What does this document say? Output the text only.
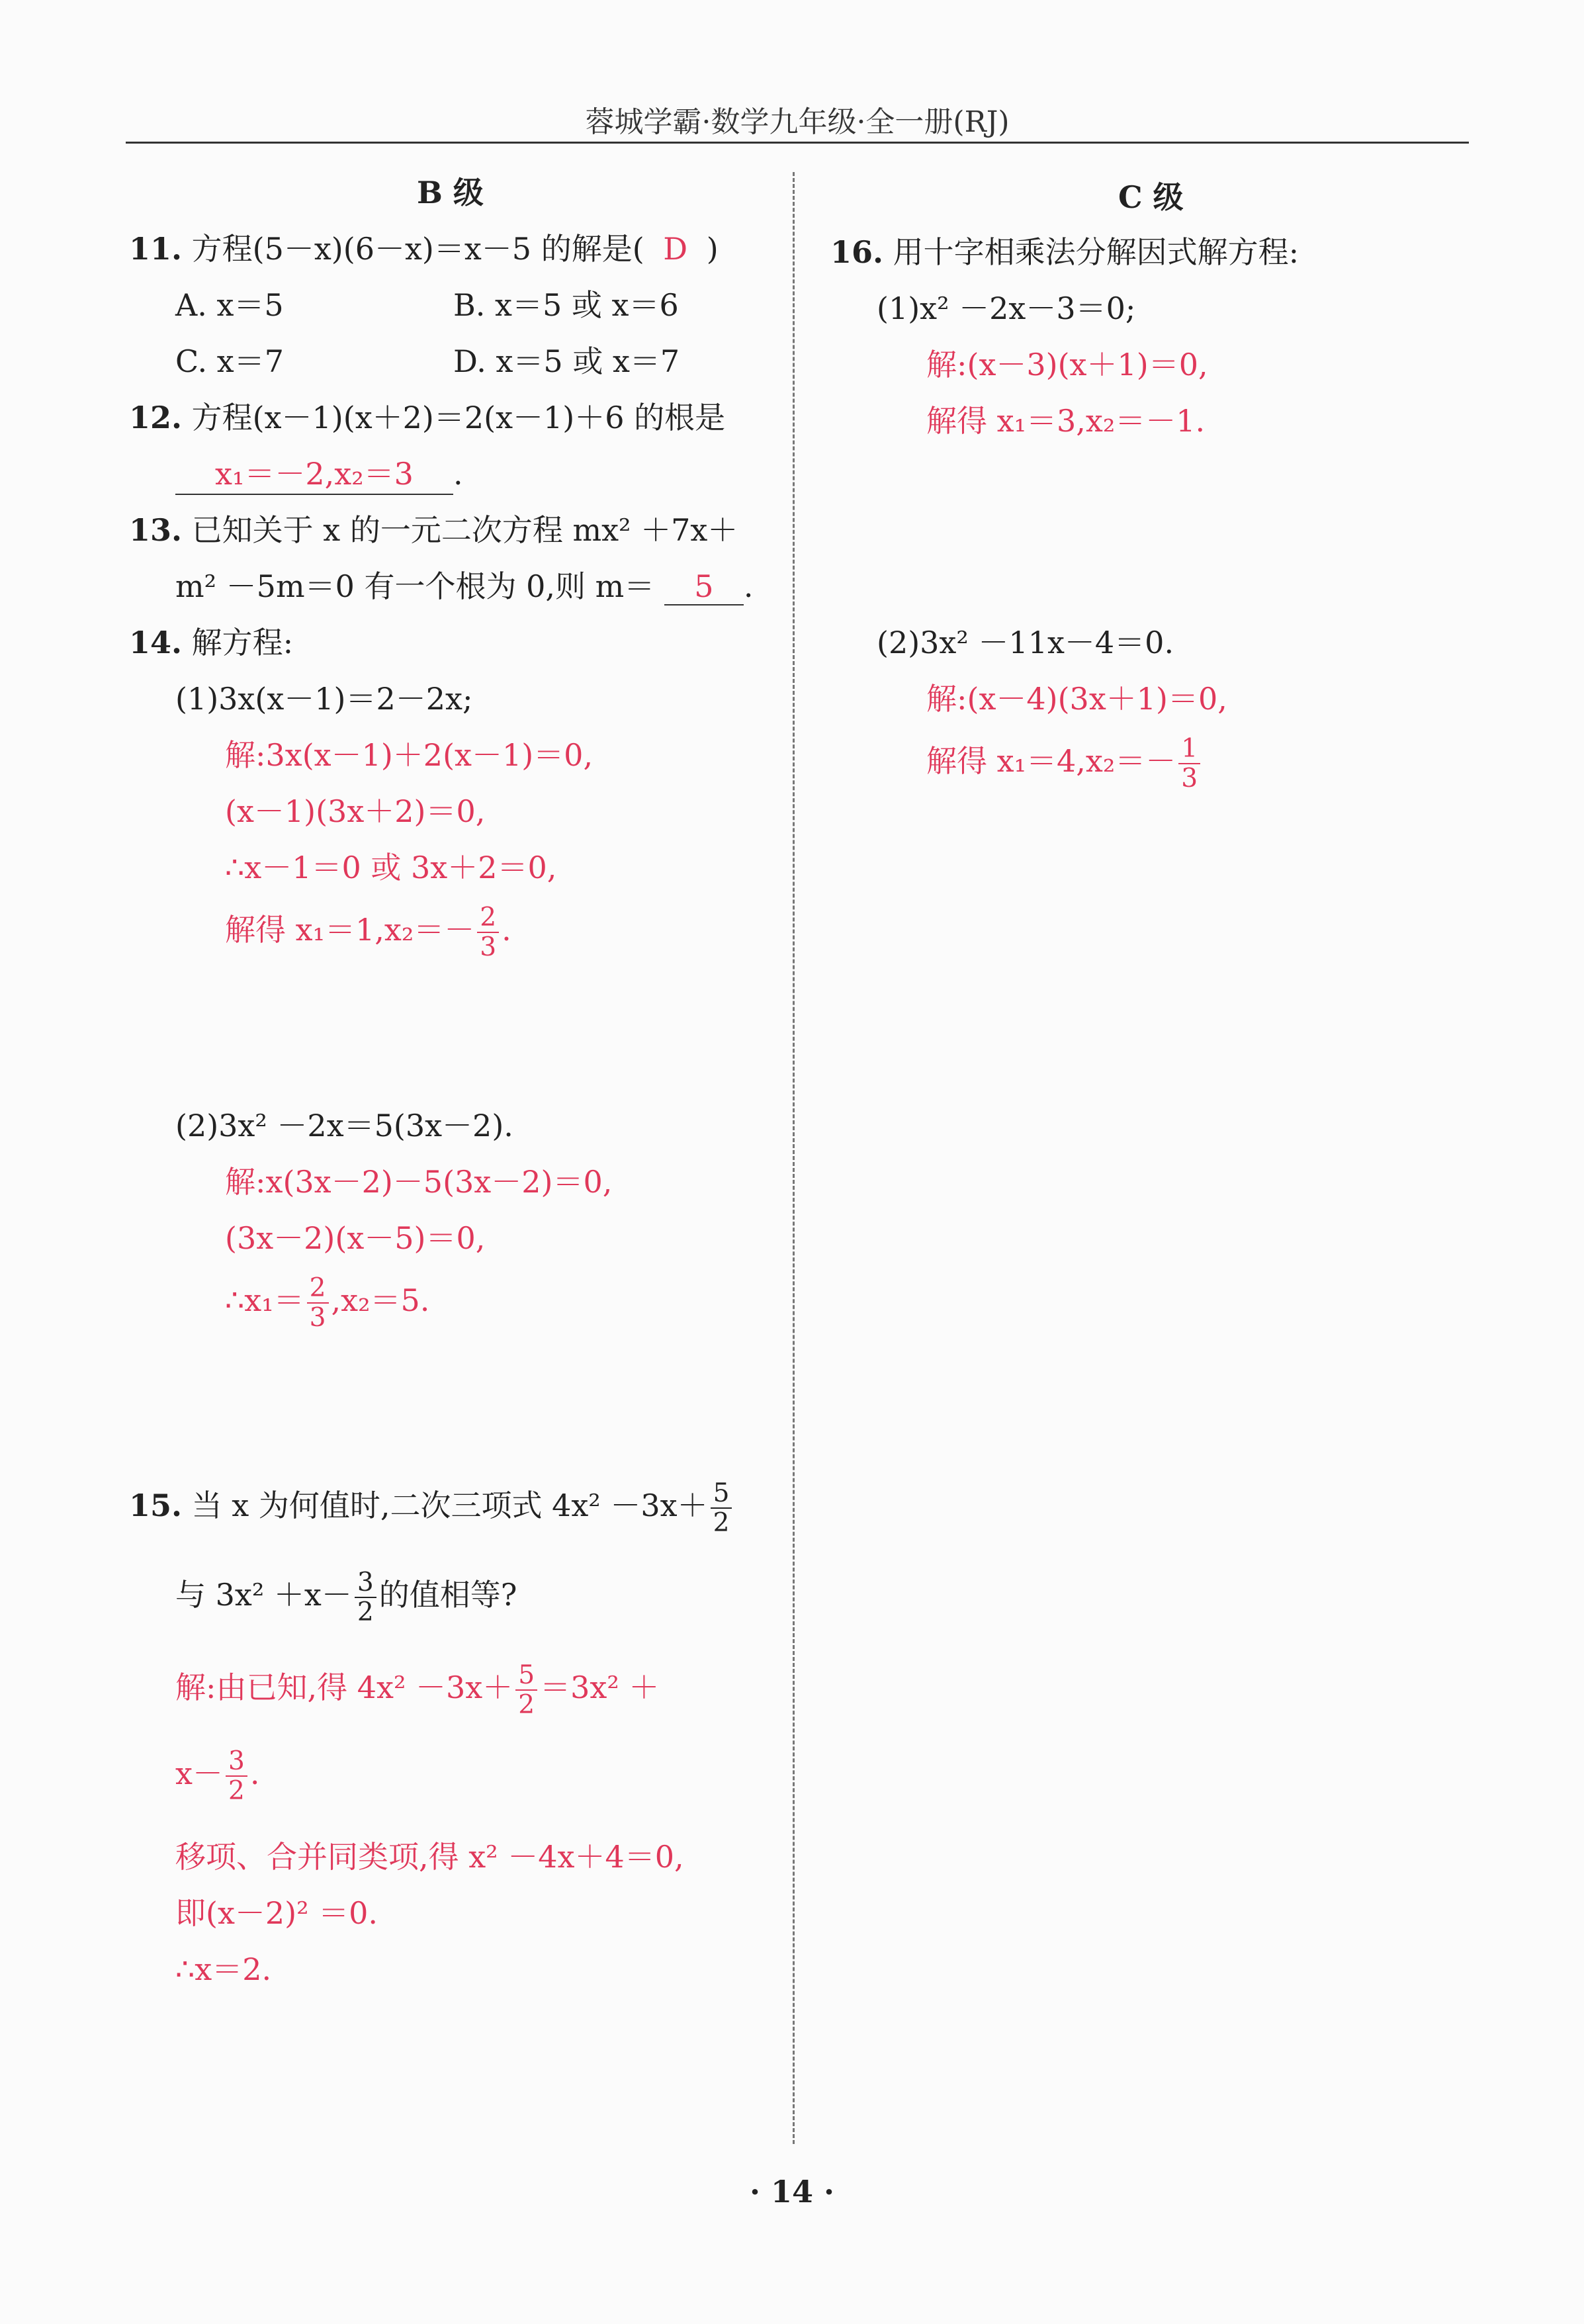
蓉城学霸·数学九年级·全一册(RJ)
B 级
11. 方程(5－x)(6－x)＝x－5 的解是( D )
A. x＝5	B. x＝5 或 x＝6
C. x＝7	D. x＝5 或 x＝7
12. 方程(x－1)(x＋2)＝2(x－1)＋6 的根是
x₁＝－2,x₂＝3 .
13. 已知关于 x 的一元二次方程 mx² ＋7x＋
m² －5m＝0 有一个根为 0,则 m＝ 5 .
14. 解方程:
(1)3x(x－1)＝2－2x;
解:3x(x－1)＋2(x－1)＝0,
(x－1)(3x＋2)＝0,
∴x－1＝0 或 3x＋2＝0,
解得 $x_1=1,x_2=- \frac{2}{3}$ .
(2)3x² －2x＝5(3x－2).
解:x(3x－2)－5(3x－2)＝0,
(3x－2)(x－5)＝0,
∴x₁＝ $\frac{2}{3} ,x_2=5$.
15. 当 x 为何值时,二次三项式 $4x^2 -3x+ \frac{5}{2}$
与 $3x^2 +x- \frac{3}{2}$ 的值相等?
解:由已知,得 $4x^2 -3x+ \frac{5}{2} =3x^2$ ＋
$x- \frac{3}{2}$ .
移项、合并同类项,得 x² －4x＋4＝0,
即(x－2)² ＝0.
∴x＝2.
C 级
16. 用十字相乘法分解因式解方程:
(1)x² －2x－3＝0;
解:(x－3)(x＋1)＝0,
解得 x₁＝3,x₂＝－1.
(2)3x² －11x－4＝0.
解:(x－4)(3x＋1)＝0,
解得 $x_1=4,x_2=- \frac{1}{3}$
· 14 ·
